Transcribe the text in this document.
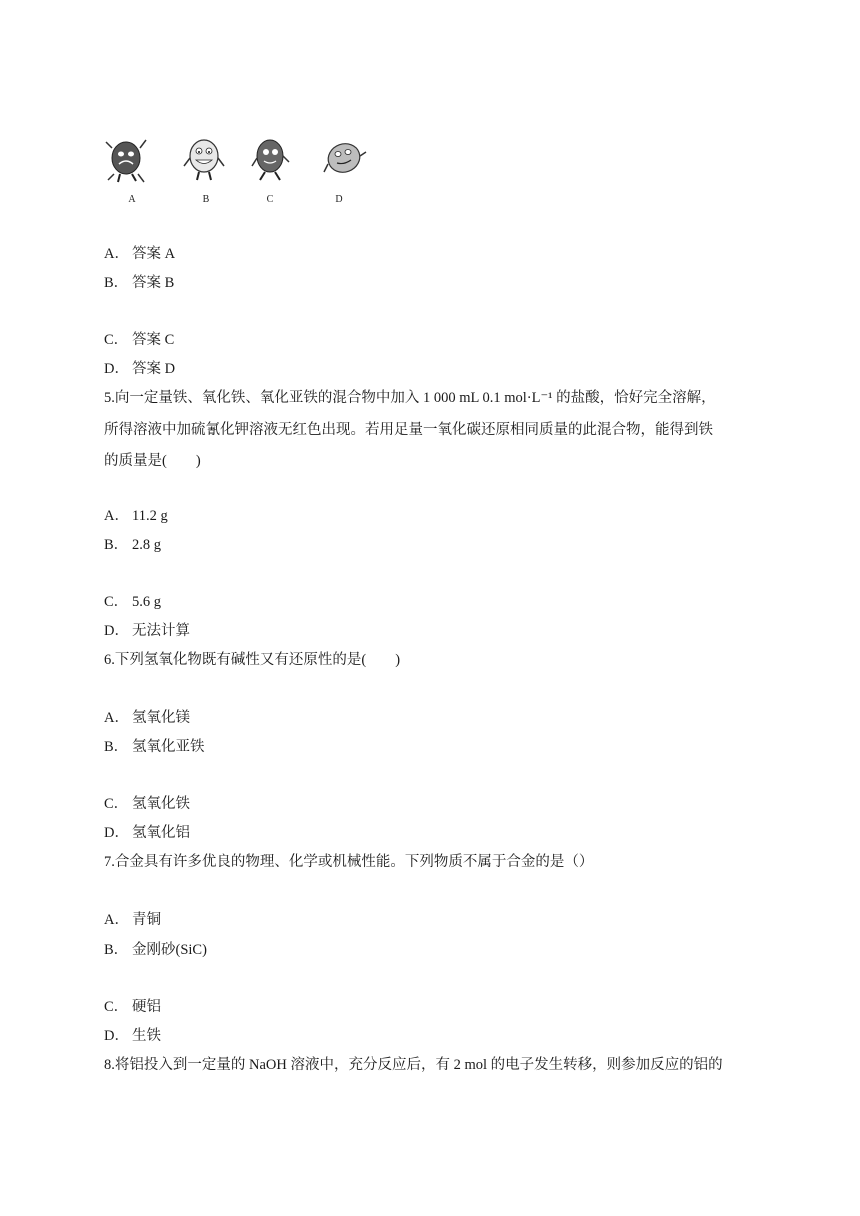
A	B	C	D
A． 答案 A
B． 答案 B
C． 答案 C
D． 答案 D
5.向一定量铁、氧化铁、氧化亚铁的混合物中加入 1 000 mL 0.1 mol·L⁻¹ 的盐酸，恰好完全溶解，
所得溶液中加硫氰化钾溶液无红色出现。若用足量一氧化碳还原相同质量的此混合物，能得到铁
的质量是(　　)
A． 11.2 g
B． 2.8 g
C． 5.6 g
D． 无法计算
6.下列氢氧化物既有碱性又有还原性的是(　　)
A． 氢氧化镁
B． 氢氧化亚铁
C． 氢氧化铁
D． 氢氧化铝
7.合金具有许多优良的物理、化学或机械性能。下列物质不属于合金的是（）
A． 青铜
B． 金刚砂(SiC)
C． 硬铝
D． 生铁
8.将铝投入到一定量的 NaOH 溶液中，充分反应后，有 2 mol 的电子发生转移，则参加反应的铝的
